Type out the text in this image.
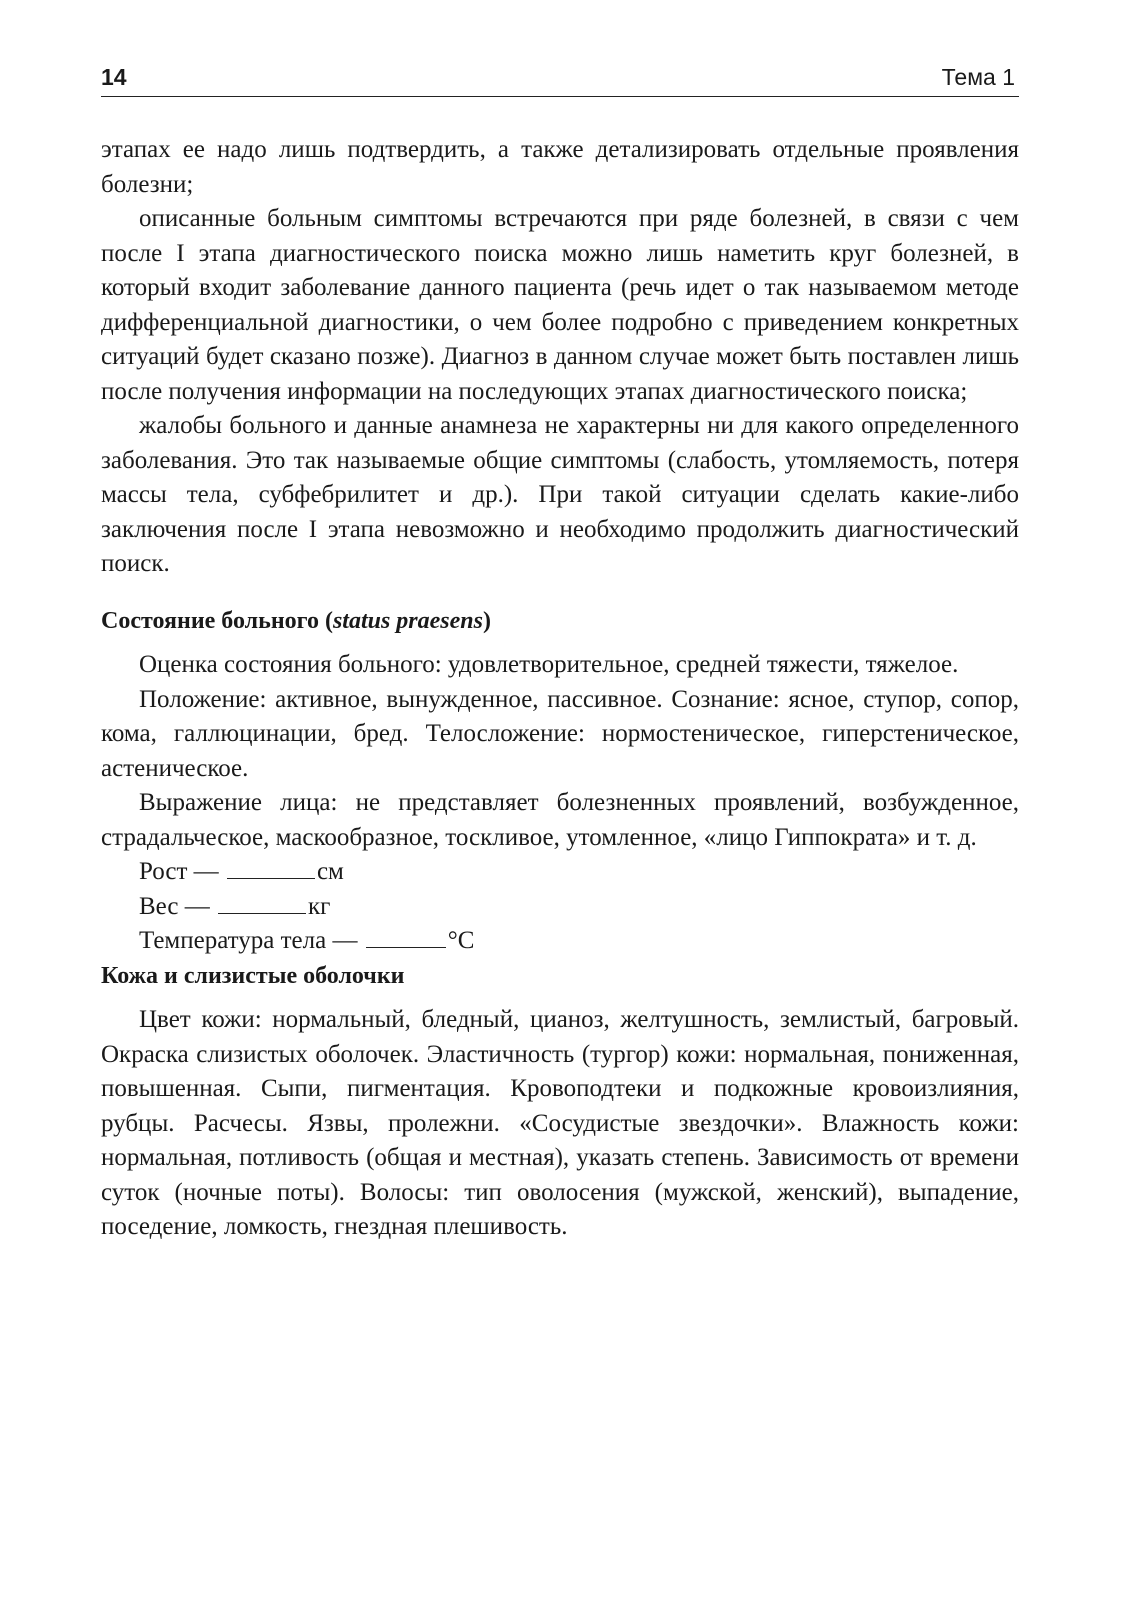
14	Тема 1

этапах ее надо лишь подтвердить, а также детализировать отдельные проявления болезни;

описанные больным симптомы встречаются при ряде болезней, в связи с чем после I этапа диагностического поиска можно лишь наметить круг болезней, в который входит заболевание данного пациента (речь идет о так называемом методе дифференциальной диагностики, о чем более подробно с приведением конкретных ситуаций будет сказано позже). Диагноз в данном случае может быть поставлен лишь после получения информации на последующих этапах диагностического поиска;

жалобы больного и данные анамнеза не характерны ни для какого определенного заболевания. Это так называемые общие симптомы (слабость, утомляемость, потеря массы тела, субфебрилитет и др.). При такой ситуации сделать какие-либо заключения после I этапа невозможно и необходимо продолжить диагностический поиск.

Состояние больного (status praesens)

Оценка состояния больного: удовлетворительное, средней тяжести, тяжелое.

Положение: активное, вынужденное, пассивное. Сознание: ясное, ступор, сопор, кома, галлюцинации, бред. Телосложение: нормостеническое, гиперстеническое, астеническое.

Выражение лица: не представляет болезненных проявлений, возбужденное, страдальческое, маскообразное, тоскливое, утомленное, «лицо Гиппократа» и т. д.

Рост —	см
Вес —	кг
Температура тела —	°С
Кожа и слизистые оболочки

Цвет кожи: нормальный, бледный, цианоз, желтушность, землистый, багровый. Окраска слизистых оболочек. Эластичность (тургор) кожи: нормальная, пониженная, повышенная. Сыпи, пигментация. Кровоподтеки и подкожные кровоизлияния, рубцы. Расчесы. Язвы, пролежни. «Сосудистые звездочки». Влажность кожи: нормальная, потливость (общая и местная), указать степень. Зависимость от времени суток (ночные поты). Волосы: тип оволосения (мужской, женский), выпадение, поседение, ломкость, гнездная плешивость.
